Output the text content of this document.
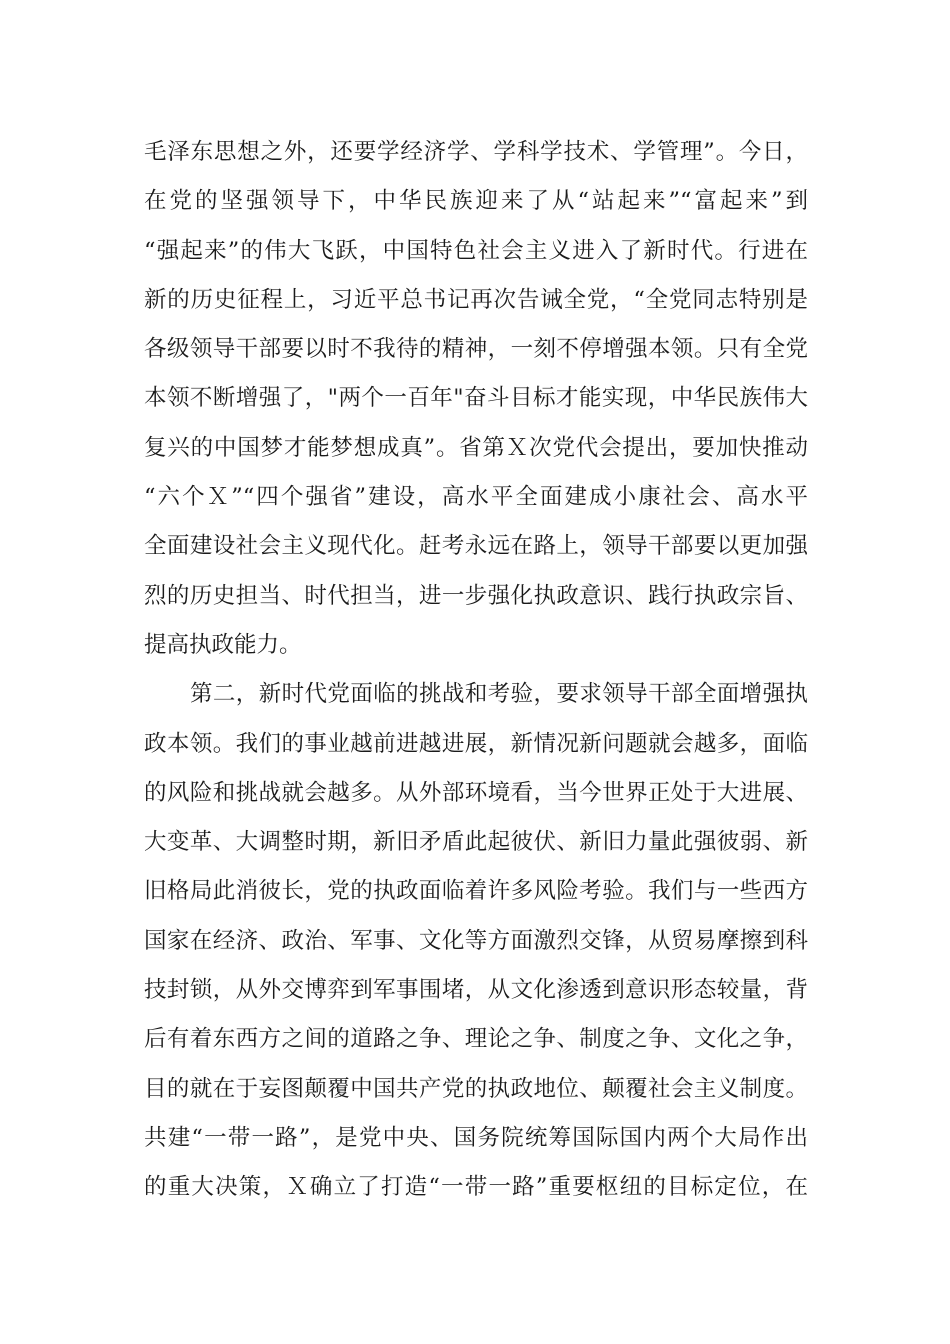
毛泽东思想之外，还要学经济学、学科学技术、学管理”。今日，
在党的坚强领导下，中华民族迎来了从“站起来”“富起来”到
“强起来”的伟大飞跃，中国特色社会主义进入了新时代。行进在
新的历史征程上，习近平总书记再次告诫全党，“全党同志特别是
各级领导干部要以时不我待的精神，一刻不停增强本领。只有全党
本领不断增强了，"两个一百年"奋斗目标才能实现，中华民族伟大
复兴的中国梦才能梦想成真”。省第Ｘ次党代会提出，要加快推动
“六个Ｘ”“四个强省”建设，高水平全面建成小康社会、高水平
全面建设社会主义现代化。赶考永远在路上，领导干部要以更加强
烈的历史担当、时代担当，进一步强化执政意识、践行执政宗旨、
提高执政能力。
第二，新时代党面临的挑战和考验，要求领导干部全面增强执
政本领。我们的事业越前进越进展，新情况新问题就会越多，面临
的风险和挑战就会越多。从外部环境看，当今世界正处于大进展、
大变革、大调整时期，新旧矛盾此起彼伏、新旧力量此强彼弱、新
旧格局此消彼长，党的执政面临着许多风险考验。我们与一些西方
国家在经济、政治、军事、文化等方面激烈交锋，从贸易摩擦到科
技封锁，从外交博弈到军事围堵，从文化渗透到意识形态较量，背
后有着东西方之间的道路之争、理论之争、制度之争、文化之争，
目的就在于妄图颠覆中国共产党的执政地位、颠覆社会主义制度。
共建“一带一路”，是党中央、国务院统筹国际国内两个大局作出
的重大决策，Ｘ确立了打造“一带一路”重要枢纽的目标定位，在
